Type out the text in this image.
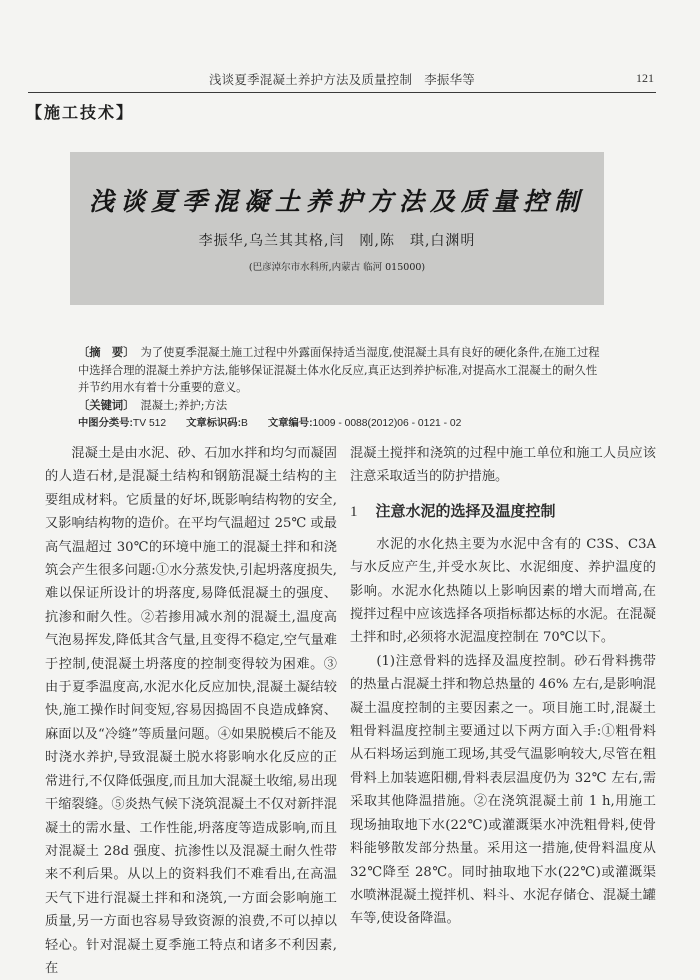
浅谈夏季混凝土养护方法及质量控制 李振华等	121
【施工技术】
浅谈夏季混凝土养护方法及质量控制
李振华,乌兰其其格,闫　刚,陈　琪,白渊明
(巴彦淖尔市水科所,内蒙古 临河 015000)
〔摘　要〕 为了使夏季混凝土施工过程中外露面保持适当湿度,使混凝土具有良好的硬化条件,在施工过程中选择合理的混凝土养护方法,能够保证混凝土体水化反应,真正达到养护标准,对提高水工混凝土的耐久性并节约用水有着十分重要的意义。
〔关键词〕 混凝土;养护;方法
中图分类号:TV 512 文章标识码:B 文章编号:1009 - 0088(2012)06 - 0121 - 02

混凝土是由水泥、砂、石加水拌和均匀而凝固的人造石材,是混凝土结构和钢筋混凝土结构的主要组成材料。它质量的好坏,既影响结构物的安全,又影响结构物的造价。在平均气温超过 25℃ 或最高气温超过 30℃的环境中施工的混凝土拌和和浇筑会产生很多问题:①水分蒸发快,引起坍落度损失,难以保证所设计的坍落度,易降低混凝土的强度、抗渗和耐久性。②若掺用减水剂的混凝土,温度高气泡易挥发,降低其含气量,且变得不稳定,空气量难于控制,使混凝土坍落度的控制变得较为困难。③由于夏季温度高,水泥水化反应加快,混凝土凝结较快,施工操作时间变短,容易因捣固不良造成蜂窝、麻面以及“冷缝”等质量问题。④如果脱模后不能及时浇水养护,导致混凝土脱水将影响水化反应的正常进行,不仅降低强度,而且加大混凝土收缩,易出现干缩裂缝。⑤炎热气候下浇筑混凝土不仅对新拌混凝土的需水量、工作性能,坍落度等造成影响,而且对混凝土 28d 强度、抗渗性以及混凝土耐久性带来不利后果。从以上的资料我们不难看出,在高温天气下进行混凝土拌和和浇筑,一方面会影响施工质量,另一方面也容易导致资源的浪费,不可以掉以轻心。针对混凝土夏季施工特点和诸多不利因素,在

混凝土搅拌和浇筑的过程中施工单位和施工人员应该注意采取适当的防护措施。

1 注意水泥的选择及温度控制

水泥的水化热主要为水泥中含有的 C3S、C3A 与水反应产生,并受水灰比、水泥细度、养护温度的影响。水泥水化热随以上影响因素的增大而增高,在搅拌过程中应该选择各项指标都达标的水泥。在混凝土拌和时,必须将水泥温度控制在 70℃以下。

(1)注意骨料的选择及温度控制。砂石骨料携带的热量占混凝土拌和物总热量的 46% 左右,是影响混凝土温度控制的主要因素之一。项目施工时,混凝土粗骨料温度控制主要通过以下两方面入手:①粗骨料从石料场运到施工现场,其受气温影响较大,尽管在粗骨料上加装遮阳棚,骨料表层温度仍为 32℃ 左右,需采取其他降温措施。②在浇筑混凝土前 1 h,用施工现场抽取地下水(22℃)或灌溉渠水冲洗粗骨料,使骨料能够散发部分热量。采用这一措施,使骨料温度从 32℃降至 28℃。同时抽取地下水(22℃)或灌溉渠水喷淋混凝土搅拌机、料斗、水泥存储仓、混凝土罐车等,使设备降温。
